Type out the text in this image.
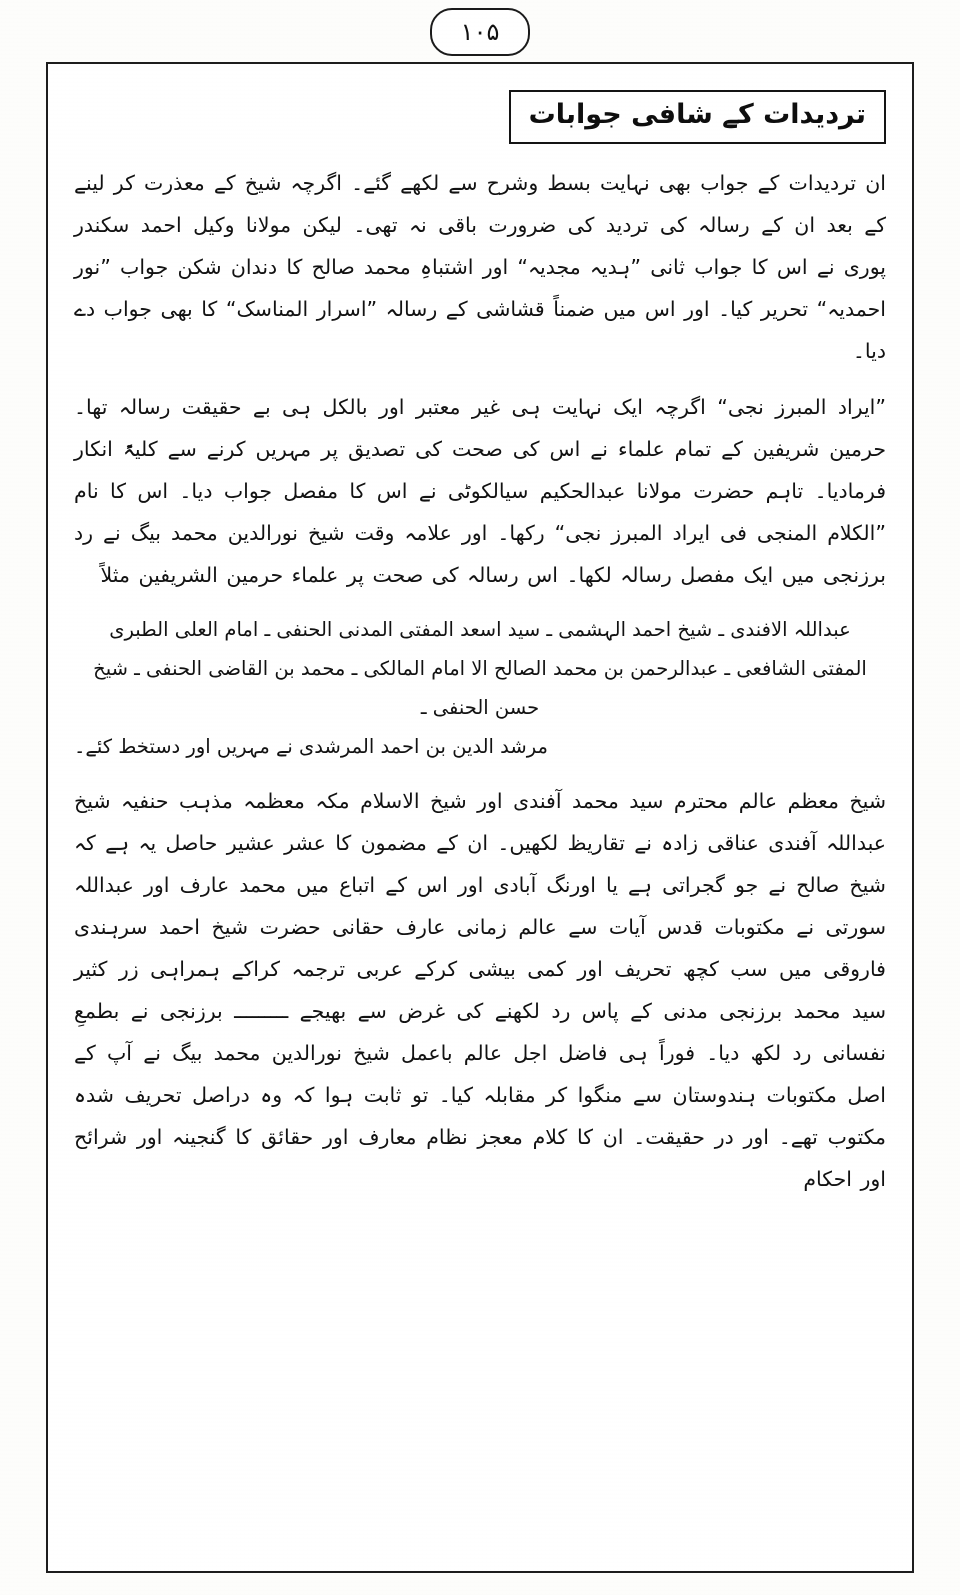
۱۰۵
تردیدات کے شافی جوابات

ان تردیدات کے جواب بھی نہایت بسط وشرح سے لکھے گئے۔ اگرچہ شیخ کے معذرت کر لینے کے بعد ان کے رسالہ کی تردید کی ضرورت باقی نہ تھی۔ لیکن مولانا وکیل احمد سکندر پوری نے اس کا جواب ثانی ”ہدیہ مجدیہ“ اور اشتباہِ محمد صالح کا دندان شکن جواب ”نور احمدیہ“ تحریر کیا۔ اور اس میں ضمناً قشاشی کے رسالہ ”اسرار المناسک“ کا بھی جواب دے دیا۔

”ایراد المبرز نجی“ اگرچہ ایک نہایت ہی غیر معتبر اور بالکل ہی بے حقیقت رسالہ تھا۔ حرمین شریفین کے تمام علماء نے اس کی صحت کی تصدیق پر مہریں کرنے سے کلیۃً انکار فرمادیا۔ تاہم حضرت مولانا عبدالحکیم سیالکوٹی نے اس کا مفصل جواب دیا۔ اس کا نام ”الکلام المنجی فی ایراد المبرز نجی“ رکھا۔ اور علامہ وقت شیخ نورالدین محمد بیگ نے رد برزنجی میں ایک مفصل رسالہ لکھا۔ اس رسالہ کی صحت پر علماء حرمین الشریفین مثلاً

عبداللہ الافندی ـ شیخ احمد الہشمی ـ سید اسعد المفتی المدنی الحنفی ـ امام العلی الطبری

المفتی الشافعی ـ عبدالرحمن بن محمد الصالح الا امام المالکی ـ محمد بن القاضی الحنفی ـ شیخ حسن الحنفی ـ

مرشد الدین بن احمد المرشدی نے مہریں اور دستخط کئے۔

شیخ معظم عالم محترم سید محمد آفندی اور شیخ الاسلام مکہ معظمہ مذہب حنفیہ شیخ عبداللہ آفندی عناقی زادہ نے تقاریظ لکھیں۔ ان کے مضمون کا عشر عشیر حاصل یہ ہے کہ شیخ صالح نے جو گجراتی ہے یا اورنگ آبادی اور اس کے اتباع میں محمد عارف اور عبداللہ سورتی نے مکتوبات قدس آیات سے عالم زمانی عارف حقانی حضرت شیخ احمد سرہندی فاروقی میں سب کچھ تحریف اور کمی بیشی کرکے عربی ترجمہ کراکے ہمراہی زر کثیر سید محمد برزنجی مدنی کے پاس رد لکھنے کی غرض سے بھیجے ـــــــــ برزنجی نے بطمعِ نفسانی رد لکھ دیا۔ فوراً ہی فاضل اجل عالم باعمل شیخ نورالدین محمد بیگ نے آپ کے اصل مکتوبات ہندوستان سے منگوا کر مقابلہ کیا۔ تو ثابت ہوا کہ وہ دراصل تحریف شدہ مکتوب تھے۔ اور در حقیقت۔ ان کا کلام معجز نظام معارف اور حقائق کا گنجینہ اور شرائح اور احکام
